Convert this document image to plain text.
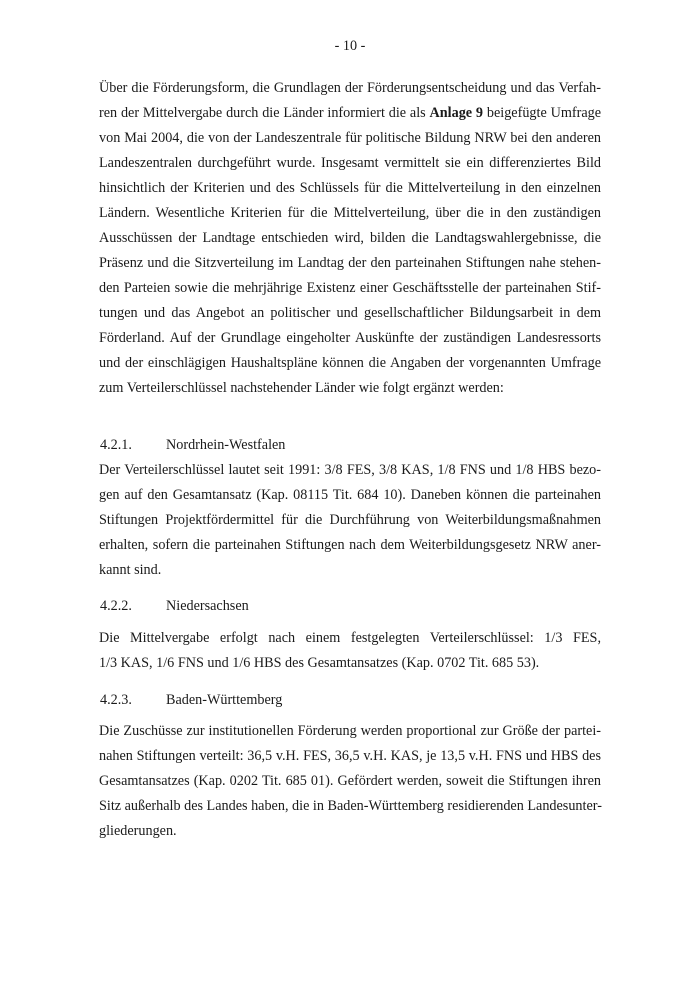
- 10 -
Über die Förderungsform, die Grundlagen der Förderungsentscheidung und das Verfah-
ren der Mittelvergabe durch die Länder informiert die als Anlage 9 beigefügte Umfrage
von Mai 2004, die von der Landeszentrale für politische Bildung NRW bei den anderen
Landeszentralen durchgeführt wurde. Insgesamt vermittelt sie ein differenziertes Bild
hinsichtlich der Kriterien und des Schlüssels für die Mittelverteilung in den einzelnen
Ländern. Wesentliche Kriterien für die Mittelverteilung, über die in den zuständigen
Ausschüssen der Landtage entschieden wird, bilden die Landtagswahlergebnisse, die
Präsenz und die Sitzverteilung im Landtag der den parteinahen Stiftungen nahe stehen-
den Parteien sowie die mehrjährige Existenz einer Geschäftsstelle der parteinahen Stif-
tungen und das Angebot an politischer und gesellschaftlicher Bildungsarbeit in dem
Förderland. Auf der Grundlage eingeholter Auskünfte der zuständigen Landesressorts
und der einschlägigen Haushaltspläne können die Angaben der vorgenannten Umfrage
zum Verteilerschlüssel nachstehender Länder wie folgt ergänzt werden:
4.2.1. Nordrhein-Westfalen
Der Verteilerschlüssel lautet seit 1991: 3/8 FES, 3/8 KAS, 1/8 FNS und 1/8 HBS bezo-
gen auf den Gesamtansatz (Kap. 08115 Tit. 684 10). Daneben können die parteinahen
Stiftungen Projektfördermittel für die Durchführung von Weiterbildungsmaßnahmen
erhalten, sofern die parteinahen Stiftungen nach dem Weiterbildungsgesetz NRW aner-
kannt sind.
4.2.2. Niedersachsen
Die Mittelvergabe erfolgt nach einem festgelegten Verteilerschlüssel: 1/3 FES,
1/3 KAS, 1/6 FNS und 1/6 HBS des Gesamtansatzes (Kap. 0702 Tit. 685 53).
4.2.3. Baden-Württemberg
Die Zuschüsse zur institutionellen Förderung werden proportional zur Größe der partei-
nahen Stiftungen verteilt: 36,5 v.H. FES, 36,5 v.H. KAS, je 13,5 v.H. FNS und HBS des
Gesamtansatzes (Kap. 0202 Tit. 685 01). Gefördert werden, soweit die Stiftungen ihren
Sitz außerhalb des Landes haben, die in Baden-Württemberg residierenden Landesunter-
gliederungen.
